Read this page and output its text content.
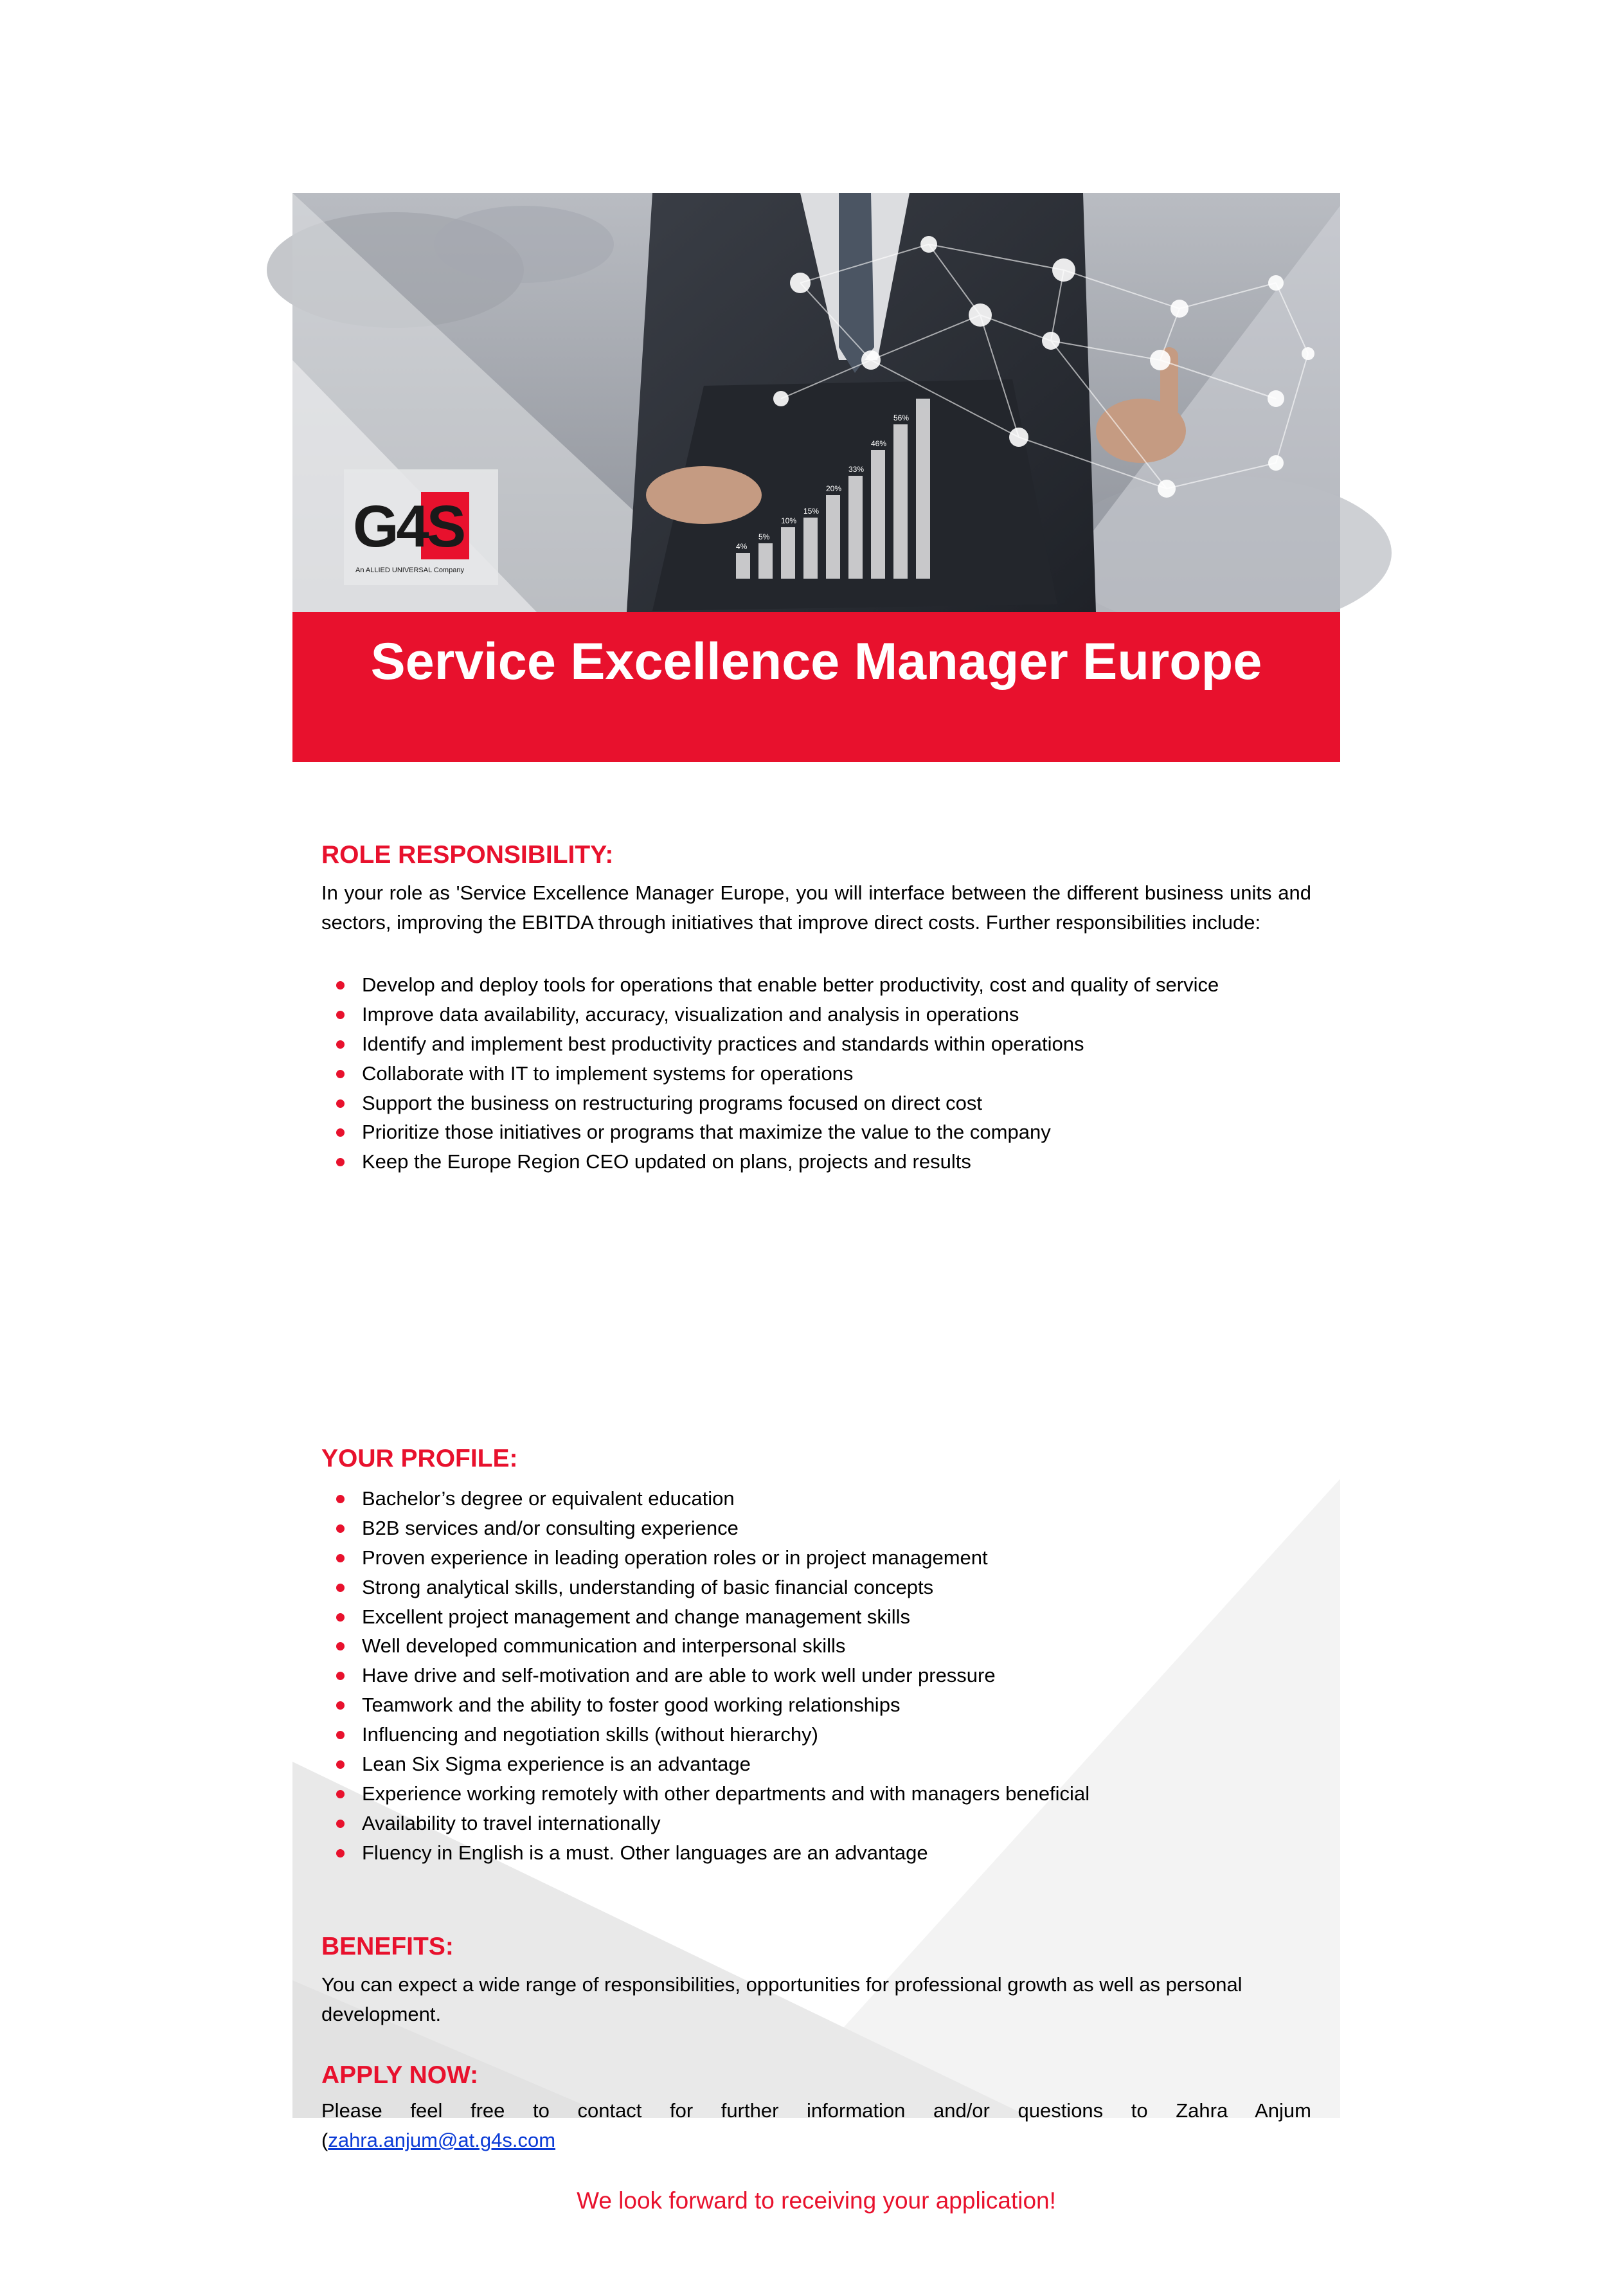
4%
5%
10%
15%
20%
33%
46%
56%
G4S
An ALLIED UNIVERSAL Company
Service Excellence Manager Europe
ROLE RESPONSIBILITY:

In your role as 'Service Excellence Manager Europe, you will interface between the different business units and sectors, improving the EBITDA through initiatives that improve direct costs. Further responsibilities include:

Develop and deploy tools for operations that enable better productivity, cost and quality of service
Improve data availability, accuracy, visualization and analysis in operations
Identify and implement best productivity practices and standards within operations
Collaborate with IT to implement systems for operations
Support the business on restructuring programs focused on direct cost
Prioritize those initiatives or programs that maximize the value to the company
Keep the Europe Region CEO updated on plans, projects and results
YOUR PROFILE:
Bachelor’s degree or equivalent education
B2B services and/or consulting experience
Proven experience in leading operation roles or in project management
Strong analytical skills, understanding of basic financial concepts
Excellent project management and change management skills
Well developed communication and interpersonal skills
Have drive and self-motivation and are able to work well under pressure
Teamwork and the ability to foster good working relationships
Influencing and negotiation skills (without hierarchy)
Lean Six Sigma experience is an advantage
Experience working remotely with other departments and with managers beneficial
Availability to travel internationally
Fluency in English is a must. Other languages are an advantage
BENEFITS:

You can expect a wide range of responsibilities, opportunities for professional growth as well as personal development.

APPLY NOW:

Please feel free to contact for further information and/or questions to Zahra Anjum

(zahra.anjum@at.g4s.com

We look forward to receiving your application!
